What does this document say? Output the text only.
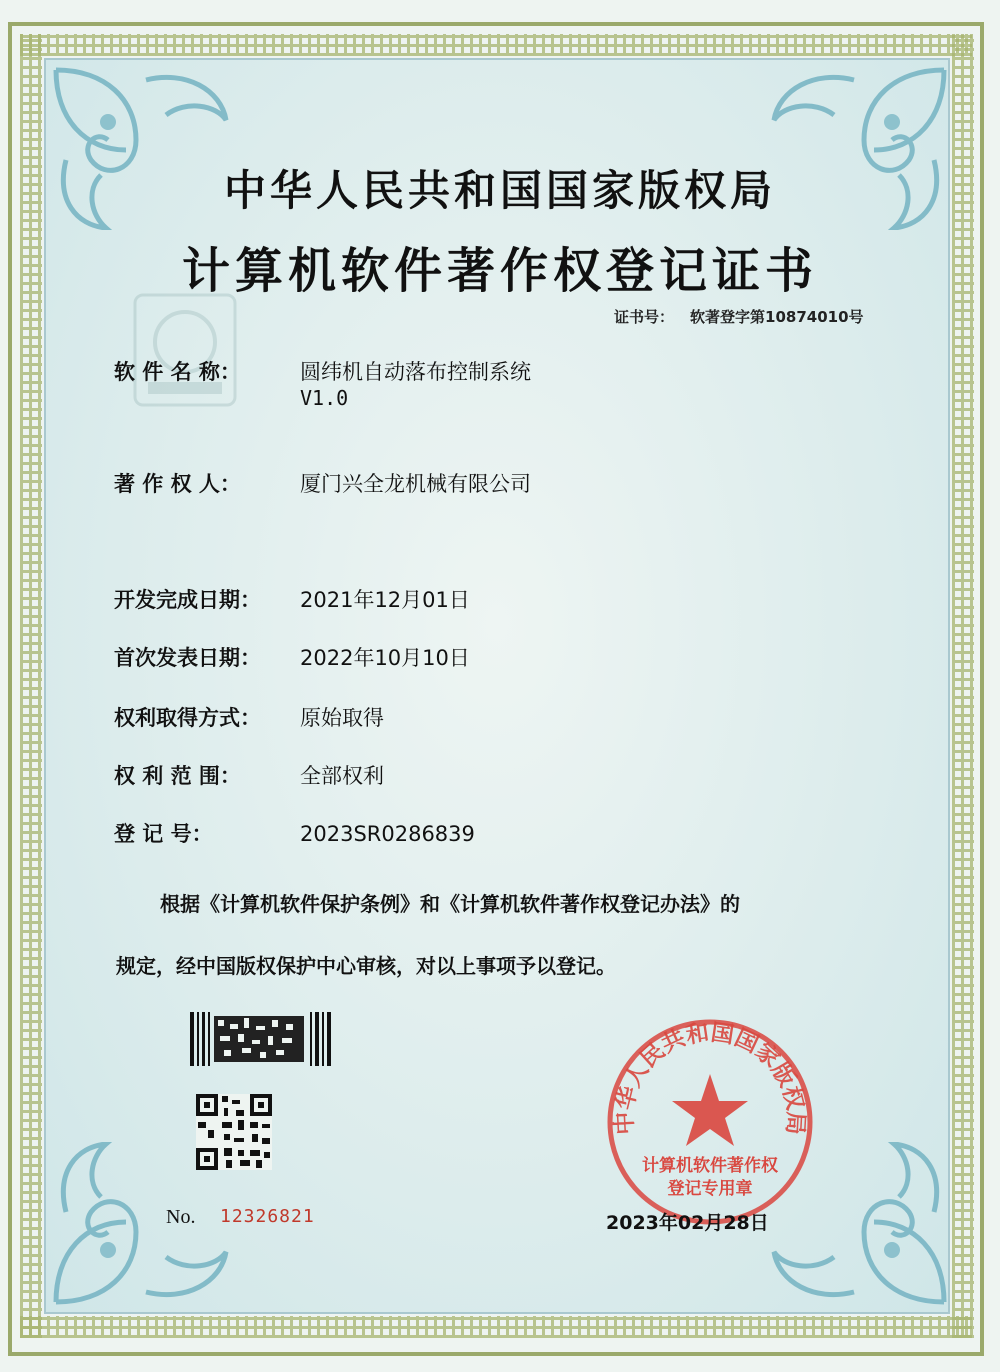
中华人民共和国国家版权局
计算机软件著作权登记证书
证书号： 软著登字第10874010号
软 件 名 称：	圆纬机自动落布控制系统
V1.0
著 作 权 人：	厦门兴全龙机械有限公司
开发完成日期： 2021年12月01日
首次发表日期： 2022年10月10日
权利取得方式： 原始取得
权 利 范 围：	全部权利
登 记 号：	2023SR0286839
根据《计算机软件保护条例》和《计算机软件著作权登记办法》的
规定，经中国版权保护中心审核，对以上事项予以登记。
No. 12326821
中华人民共和国国家版权局
计算机软件著作权
登记专用章
2023年02月28日
